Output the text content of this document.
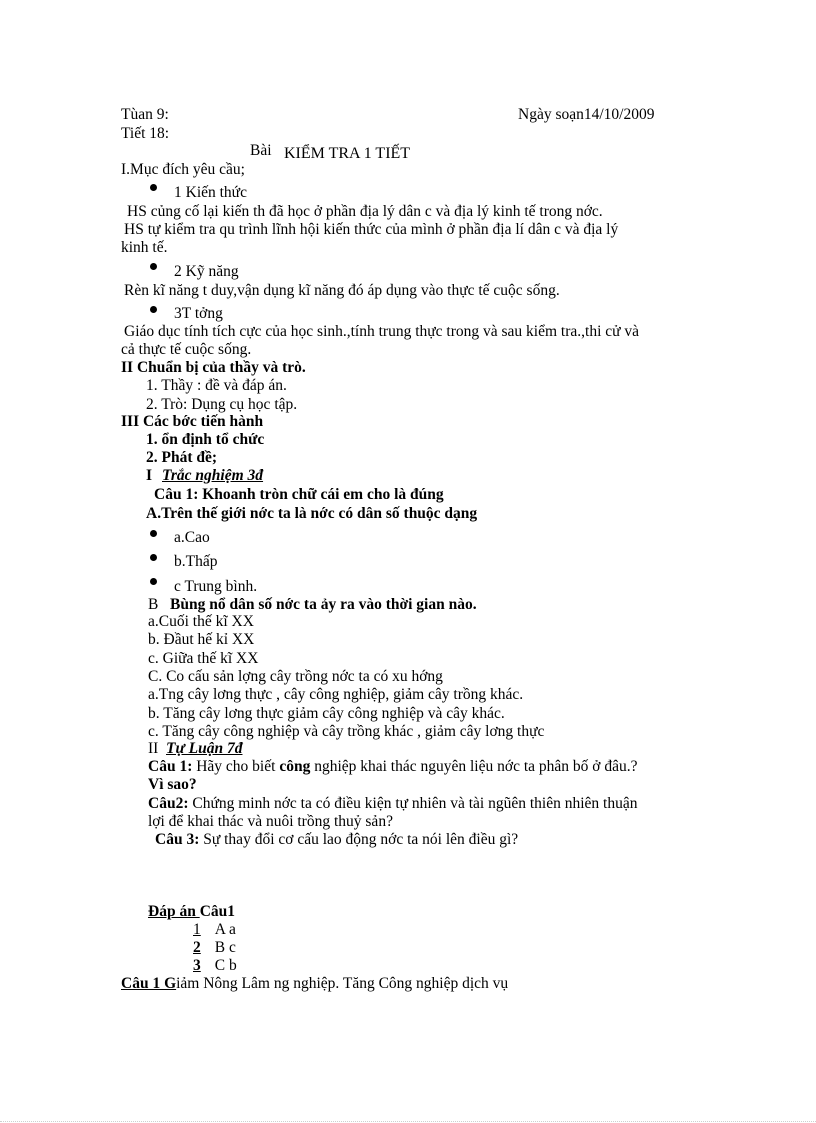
Tùan 9:	Ngày soạn14/10/2009
Tiết 18:
Bài KIỂM TRA 1 TIẾT
I.Mục đích yêu cầu;
1 Kiến thức
HS củng cố lại kiến th đã học ở phần địa lý dân c và địa lý kinh tế trong nớc.
HS tự kiểm tra qu trình lĩnh hội kiến thức của mình ở phần địa lí dân c và địa lý
kinh tế.
2 Kỹ năng
Rèn kĩ năng t duy,vận dụng kĩ năng đó áp dụng vào thực tế cuộc sống.
3T tởng
Giáo dục tính tích cực của học sinh.,tính trung thực trong và sau kiểm tra.,thi cử và
cả thực tế cuộc sống.
II Chuẩn bị của thầy và trò.
1. Thầy : đề và đáp án.
2. Trò: Dụng cụ học tập.
III Các bớc tiến hành
1. ổn định tổ chức
2. Phát đề;
I Trắc nghiệm 3đ
Câu 1: Khoanh tròn chữ cái em cho là đúng
A.Trên thế giới nớc ta là nớc có dân số thuộc dạng
a.Cao
b.Thấp
c Trung bình.
B Bùng nổ dân số nớc ta ảy ra vào thời gian nào.
a.Cuối thế kĩ XX
b. Đầut hế kỉ XX
c. Giữa thế kĩ XX
C. Co cấu sản lợng cây trồng nớc ta có xu hớng
a.Tng cây lơng thực , cây công nghiệp, giảm cây trồng khác.
b. Tăng cây lơng thực giảm cây công nghiệp và cây khác.
c. Tăng cây công nghiệp và cây trồng khác , giảm cây lơng thực
II Tự Luận 7đ
Câu 1: Hãy cho biết công nghiệp khai thác nguyên liệu nớc ta phân bố ở đâu.?
Vì sao?
Câu2: Chứng minh nớc ta có điều kiện tự nhiên và tài ngũên thiên nhiên thuận
lợi để khai thác và nuôi trồng thuỷ sản?
Câu 3: Sự thay đổi cơ cấu lao động nớc ta nói lên điều gì?
Đáp án Câu1
1 A a
2 B c
3 C b
Câu 1 Giảm Nông Lâm ng nghiệp. Tăng Công nghiệp dịch vụ
